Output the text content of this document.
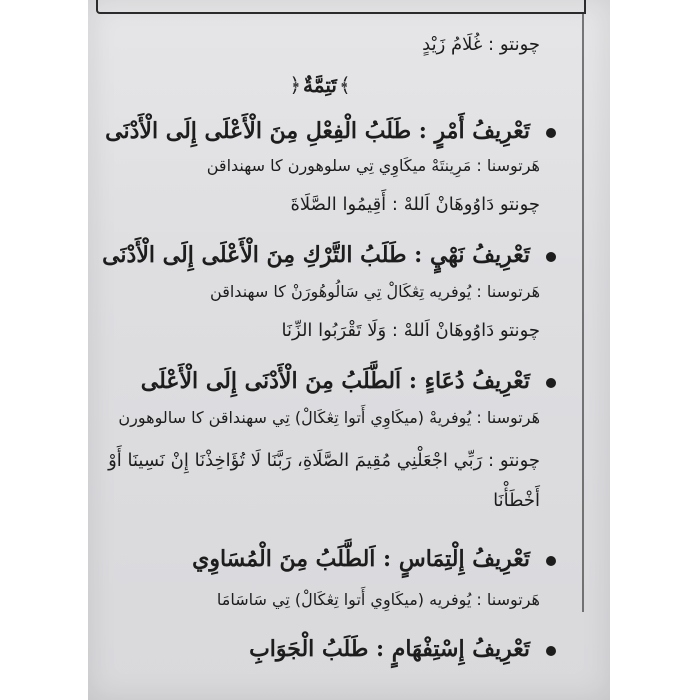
چونتو : غُلَامُ زَيْدٍ
﴿ تَتِمَّةٌ ﴾
تَعْرِيفُ أَمْرٍ : طَلَبُ الْفِعْلِ مِنَ الْأَعْلَى إِلَى الْأَدْنَى
هَرتوسنا : مَرِينتَهْ ميكَاوِي تِي سلوهورن كا سهنداقن
چونتو دَاوُوهَانْ اَللهْ : أَقِيمُوا الصَّلَاةَ
تَعْرِيفُ نَهْيٍ : طَلَبُ التَّرْكِ مِنَ الْأَعْلَى إِلَى الْأَدْنَى
هَرتوسنا : يُوفريه تِڠكَالْ تِي سَالُوهُورَنْ كا سهنداقن
چونتو دَاوُوهَانْ اَللهْ : وَلَا تَقْرَبُوا الزِّنَا
تَعْرِيفُ دُعَاءٍ : اَلطَّلَبُ مِنَ الْأَدْنَى إِلَى الْأَعْلَى
هَرتوسنا : يُوفريهْ (ميكَاوِي أَتوا تِڠكَالْ) تِي سهنداقن كا سالوهورن
چونتو : رَبِّي اجْعَلْنِي مُقِيمَ الصَّلَاةِ، رَبَّنَا لَا تُؤَاخِذْنَا إِنْ نَسِينَا أَوْ
أَخْطَأْنَا
تَعْرِيفُ إِلْتِمَاسٍ : اَلطَّلَبُ مِنَ الْمُسَاوِي
هَرتوسنا : يُوفريه (ميكَاوِي أَتوا تِڠكَالْ) تِي سَاسَامَا
تَعْرِيفُ إِسْتِفْهَامٍ : طَلَبُ الْجَوَابِ
